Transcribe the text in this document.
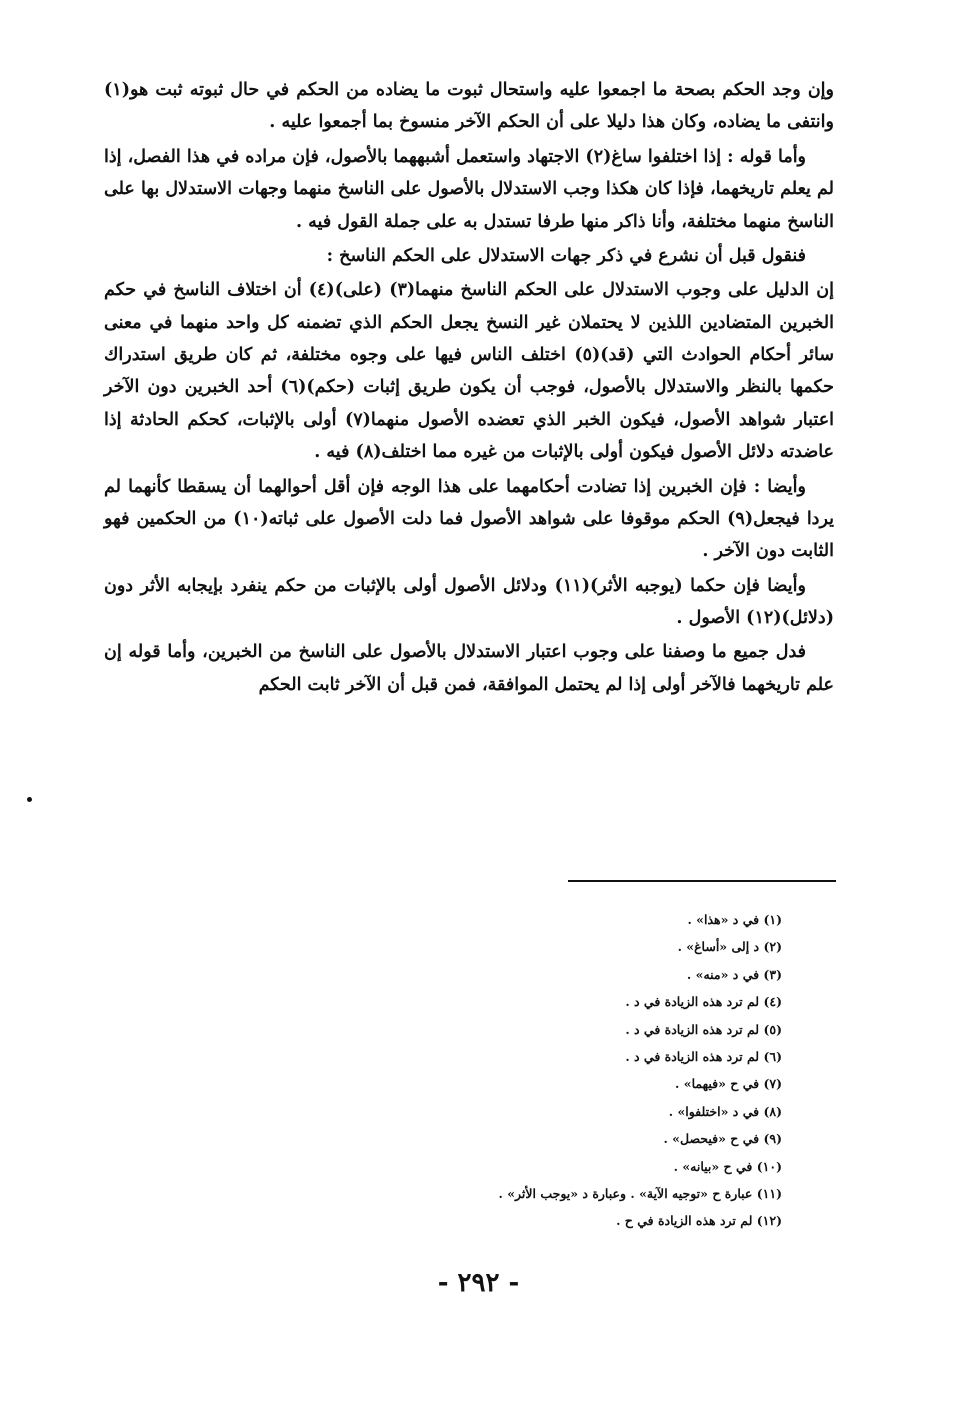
وإن وجد الحكم بصحة ما اجمعوا عليه واستحال ثبوت ما يضاده من الحكم في حال ثبوته ثبت هو(١) وانتفى ما يضاده، وكان هذا دليلا على أن الحكم الآخر منسوخ بما أجمعوا عليه .

وأما قوله : إذا اختلفوا ساغ(٢) الاجتهاد واستعمل أشبههما بالأصول، فإن مراده في هذا الفصل، إذا لم يعلم تاريخهما، فإذا كان هكذا وجب الاستدلال بالأصول على الناسخ منهما وجهات الاستدلال بها على الناسخ منهما مختلفة، وأنا ذاكر منها طرفا تستدل به على جملة القول فيه .

فنقول قبل أن نشرع في ذكر جهات الاستدلال على الحكم الناسخ :

إن الدليل على وجوب الاستدلال على الحكم الناسخ منهما(٣) (على)(٤) أن اختلاف الناسخ في حكم الخبرين المتضادين اللذين لا يحتملان غير النسخ يجعل الحكم الذي تضمنه كل واحد منهما في معنى سائر أحكام الحوادث التي (قد)(٥) اختلف الناس فيها على وجوه مختلفة، ثم كان طريق استدراك حكمها بالنظر والاستدلال بالأصول، فوجب أن يكون طريق إثبات (حكم)(٦) أحد الخبرين دون الآخر اعتبار شواهد الأصول، فيكون الخبر الذي تعضده الأصول منهما(٧) أولى بالإثبات، كحكم الحادثة إذا عاضدته دلائل الأصول فيكون أولى بالإثبات من غيره مما اختلف(٨) فيه .

وأيضا : فإن الخبرين إذا تضادت أحكامهما على هذا الوجه فإن أقل أحوالهما أن يسقطا كأنهما لم يردا فيجعل(٩) الحكم موقوفا على شواهد الأصول فما دلت الأصول على ثباته(١٠) من الحكمين فهو الثابت دون الآخر .

وأيضا فإن حكما (يوجبه الأثر)(١١) ودلائل الأصول أولى بالإثبات من حكم ينفرد بإيجابه الأثر دون (دلائل)(١٢) الأصول .

فدل جميع ما وصفنا على وجوب اعتبار الاستدلال بالأصول على الناسخ من الخبرين، وأما قوله إن علم تاريخهما فالآخر أولى إذا لم يحتمل الموافقة، فمن قبل أن الآخر ثابت الحكم

(١) في د «هذا» .
(٢) د إلى «أساغ» .
(٣) في د «منه» .
(٤) لم ترد هذه الزيادة في د .
(٥) لم ترد هذه الزيادة في د .
(٦) لم ترد هذه الزيادة في د .
(٧) في ح «فيهما» .
(٨) في د «اختلفوا» .
(٩) في ح «فيحصل» .
(١٠) في ح «بيانه» .
(١١) عبارة ح «توجيه الآية» . وعبارة د «يوجب الأثر» .
(١٢) لم ترد هذه الزيادة في ح .
- ٢٩٢ -
